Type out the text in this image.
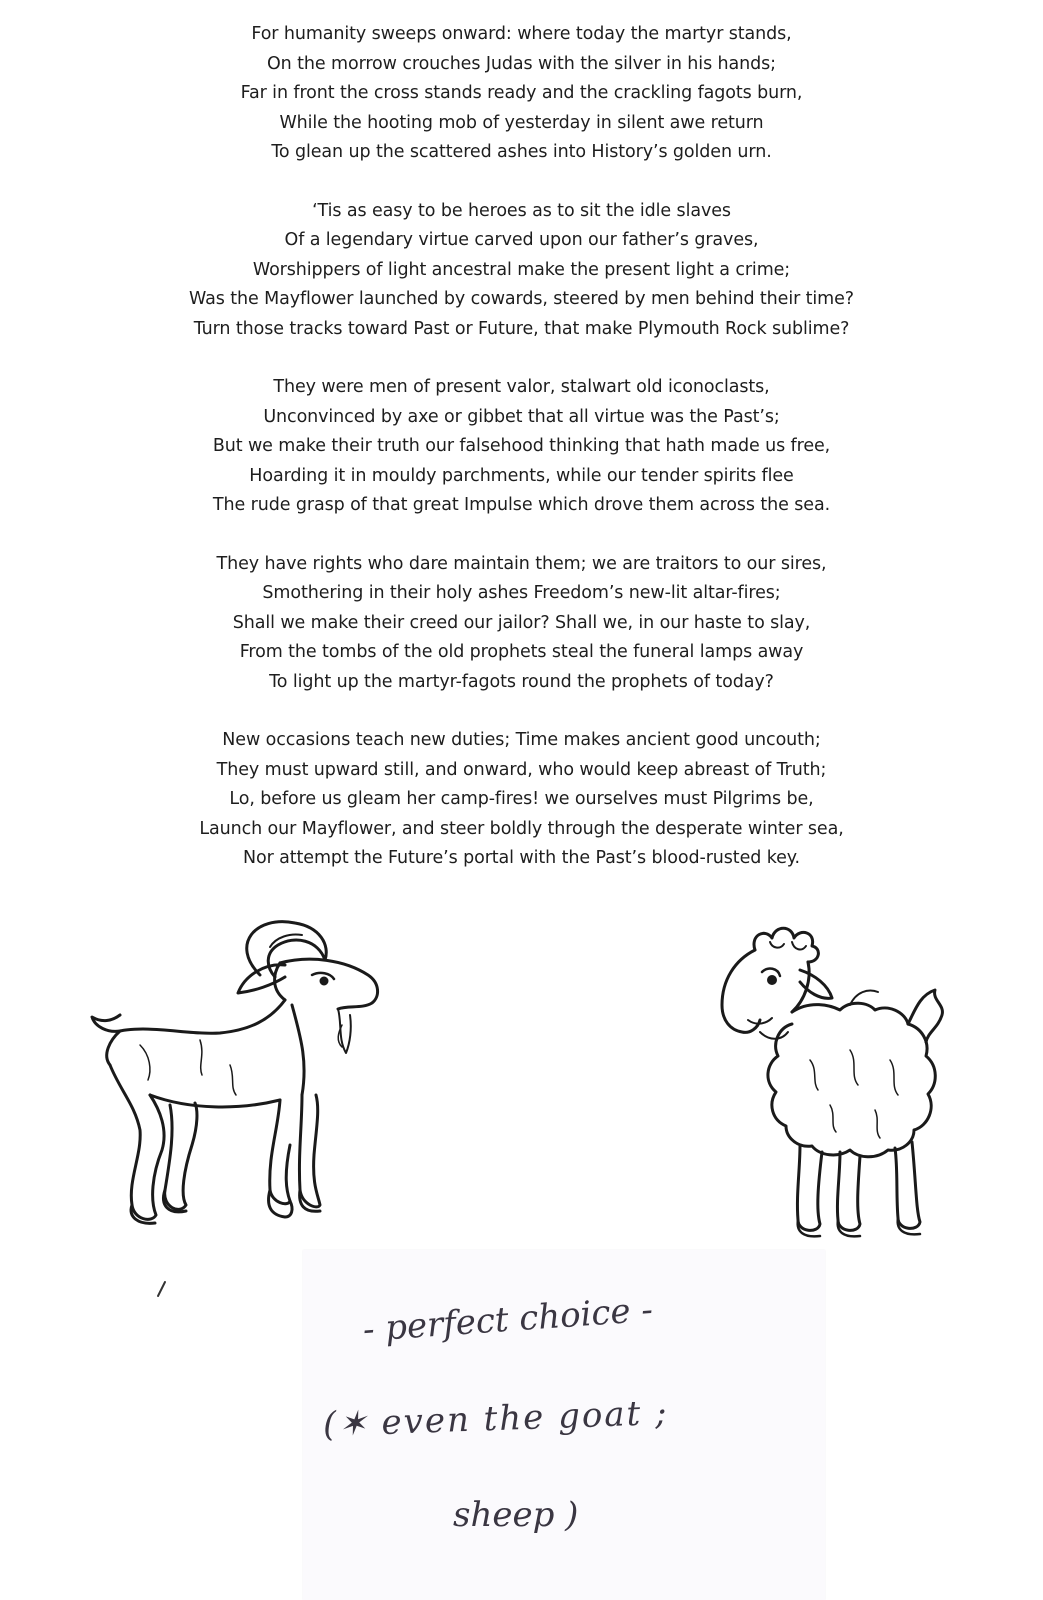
For humanity sweeps onward: where today the martyr stands,
On the morrow crouches Judas with the silver in his hands;
Far in front the cross stands ready and the crackling fagots burn,
While the hooting mob of yesterday in silent awe return
To glean up the scattered ashes into History’s golden urn.
‘Tis as easy to be heroes as to sit the idle slaves
Of a legendary virtue carved upon our father’s graves,
Worshippers of light ancestral make the present light a crime;
Was the Mayflower launched by cowards, steered by men behind their time?
Turn those tracks toward Past or Future, that make Plymouth Rock sublime?
They were men of present valor, stalwart old iconoclasts,
Unconvinced by axe or gibbet that all virtue was the Past’s;
But we make their truth our falsehood thinking that hath made us free,
Hoarding it in mouldy parchments, while our tender spirits flee
The rude grasp of that great Impulse which drove them across the sea.
They have rights who dare maintain them; we are traitors to our sires,
Smothering in their holy ashes Freedom’s new-lit altar-fires;
Shall we make their creed our jailor? Shall we, in our haste to slay,
From the tombs of the old prophets steal the funeral lamps away
To light up the martyr-fagots round the prophets of today?
New occasions teach new duties; Time makes ancient good uncouth;
They must upward still, and onward, who would keep abreast of Truth;
Lo, before us gleam her camp-fires! we ourselves must Pilgrims be,
Launch our Mayflower, and steer boldly through the desperate winter sea,
Nor attempt the Future’s portal with the Past’s blood-rusted key.
- perfect choice -
(✶ even the goat ;
sheep )
